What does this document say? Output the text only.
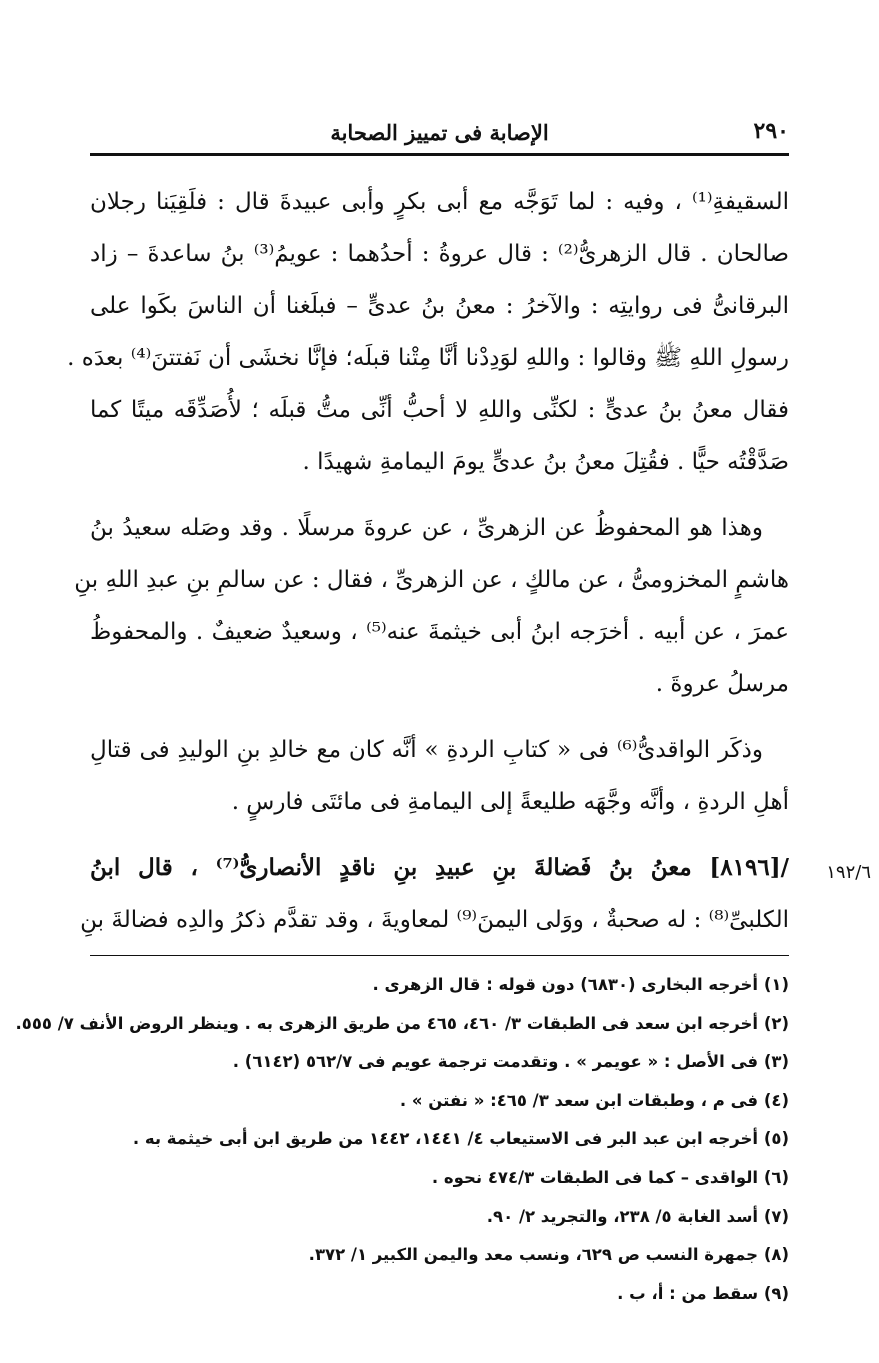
٢٩٠
الإصابة فى تمييز الصحابة
السقيفةِ⁽¹⁾ ، وفيه : لما تَوَجَّه مع أبى بكرٍ وأبى عبيدةَ قال : فلَقِيَنا رجلان
صالحان . قال الزهرىُّ⁽²⁾ : قال عروةُ : أحدُهما : عويمُ⁽³⁾ بنُ ساعدةَ – زاد
البرقانىُّ فى روايتِه : والآخرُ : معنُ بنُ عدىٍّ – فبلَغنا أن الناسَ بكَوا على
رسولِ اللهِ ﷺ وقالوا : واللهِ لوَدِدْنا أنَّا مِتْنا قبلَه؛ فإنَّا نخشَى أن نَفتتنَ⁽⁴⁾ بعدَه .
فقال معنُ بنُ عدىٍّ : لكنِّى واللهِ لا أحبُّ أنِّى متُّ قبلَه ؛ لأُصَدِّقَه ميتًا كما
صَدَّقْتُه حيًّا . فقُتِلَ معنُ بنُ عدىٍّ يومَ اليمامةِ شهيدًا .
وهذا هو المحفوظُ عن الزهرىِّ ، عن عروةَ مرسلًا . وقد وصَله سعيدُ بنُ
هاشمٍ المخزومىُّ ، عن مالكٍ ، عن الزهرىِّ ، فقال : عن سالمِ بنِ عبدِ اللهِ بنِ
عمرَ ، عن أبيه . أخرَجه ابنُ أبى خيثمةَ عنه⁽⁵⁾ ، وسعيدٌ ضعيفٌ . والمحفوظُ
مرسلُ عروةَ .
وذكَر الواقدىُّ⁽⁶⁾ فى « كتابِ الردةِ » أنَّه كان مع خالدِ بنِ الوليدِ فى قتالِ
أهلِ الردةِ ، وأنَّه وجَّهَه طليعةً إلى اليمامةِ فى مائتَى فارسٍ .
/[٨١٩٦] معنُ بنُ فَضالةَ بنِ عبيدِ بنِ ناقدٍ الأنصارىُّ⁽⁷⁾ ، قال ابنُ
الكلبىِّ⁽⁸⁾ : له صحبةٌ ، ووَلى اليمنَ⁽⁹⁾ لمعاويةَ ، وقد تقدَّم ذكرُ والدِه فضالةَ بنِ
١٩٢/٦
(١) أخرجه البخارى (٦٨٣٠) دون قوله : قال الزهرى .
(٢) أخرجه ابن سعد فى الطبقات ٣/ ٤٦٠، ٤٦٥ من طريق الزهرى به . وينظر الروض الأنف ٧/ ٥٥٥.
(٣) فى الأصل : « عويمر » . وتقدمت ترجمة عويم فى ٥٦٢/٧ (٦١٤٢) .
(٤) فى م ، وطبقات ابن سعد ٣/ ٤٦٥: « نفتن » .
(٥) أخرجه ابن عبد البر فى الاستيعاب ٤/ ١٤٤١، ١٤٤٢ من طريق ابن أبى خيثمة به .
(٦) الواقدى – كما فى الطبقات ٤٧٤/٣ نحوه .
(٧) أسد الغابة ٥/ ٢٣٨، والتجريد ٢/ ٩٠.
(٨) جمهرة النسب ص ٦٢٩، ونسب معد واليمن الكبير ١/ ٣٧٢.
(٩) سقط من : أ، ب .
